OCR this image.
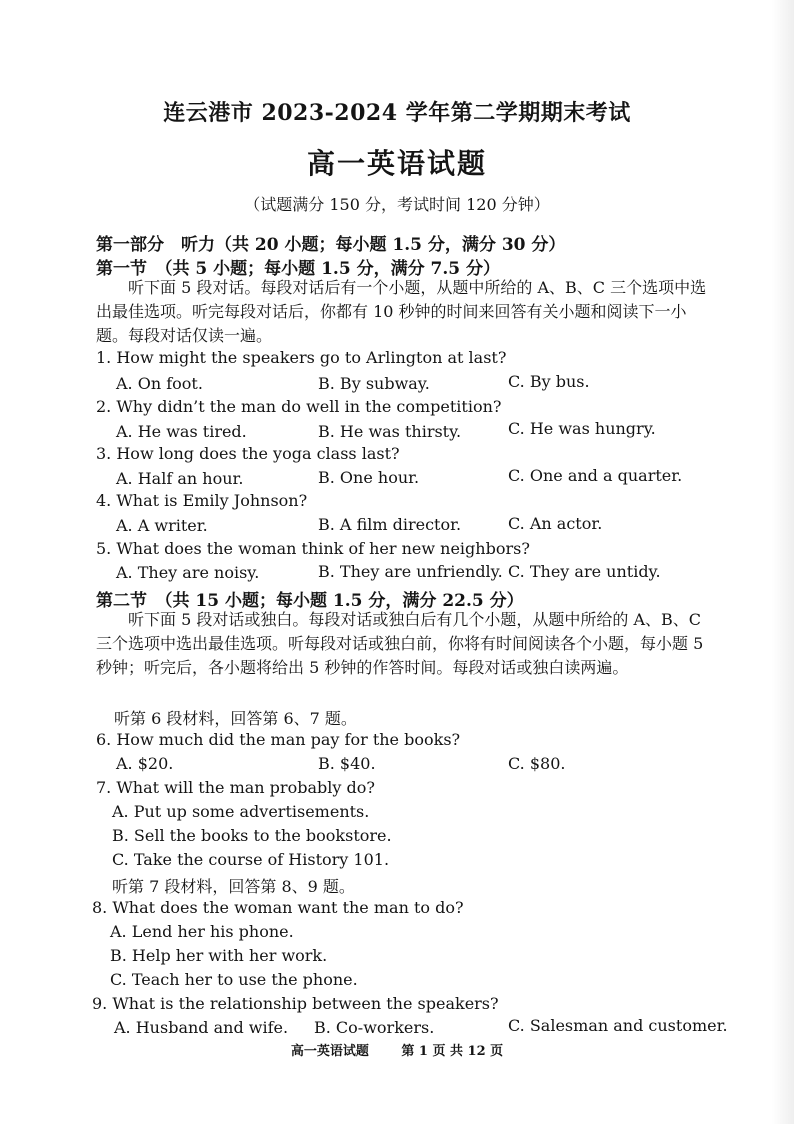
连云港市 2023-2024 学年第二学期期末考试
高一英语试题
（试题满分 150 分，考试时间 120 分钟）
第一部分　听力（共 20 小题；每小题 1.5 分，满分 30 分）
第一节　（共 5 小题；每小题 1.5 分，满分 7.5 分）
听下面 5 段对话。每段对话后有一个小题，从题中所给的 A、B、C 三个选项中选出最佳选项。听完每段对话后，你都有 10 秒钟的时间来回答有关小题和阅读下一小题。每段对话仅读一遍。
1. How might the speakers go to Arlington at last?
A. On foot.	B. By subway.	C. By bus.
2. Why didn’t the man do well in the competition?
A. He was tired.	B. He was thirsty.	C. He was hungry.
3. How long does the yoga class last?
A. Half an hour.	B. One hour.	C. One and a quarter.
4. What is Emily Johnson?
A. A writer.	B. A film director.	C. An actor.
5. What does the woman think of her new neighbors?
A. They are noisy.	B. They are unfriendly. C. They are untidy.
第二节　（共 15 小题；每小题 1.5 分，满分 22.5 分）
听下面 5 段对话或独白。每段对话或独白后有几个小题，从题中所给的 A、B、C 三个选项中选出最佳选项。听每段对话或独白前，你将有时间阅读各个小题，每小题 5 秒钟；听完后，各小题将给出 5 秒钟的作答时间。每段对话或独白读两遍。
听第 6 段材料，回答第 6、7 题。
6. How much did the man pay for the books?
A. $20.	B. $40.	C. $80.
7. What will the man probably do?
A. Put up some advertisements.
B. Sell the books to the bookstore.
C. Take the course of History 101.
听第 7 段材料，回答第 8、9 题。
8. What does the woman want the man to do?
A. Lend her his phone.
B. Help her with her work.
C. Teach her to use the phone.
9. What is the relationship between the speakers?
A. Husband and wife. B. Co-workers.	C. Salesman and customer.
高一英语试题	第 1 页 共 12 页
